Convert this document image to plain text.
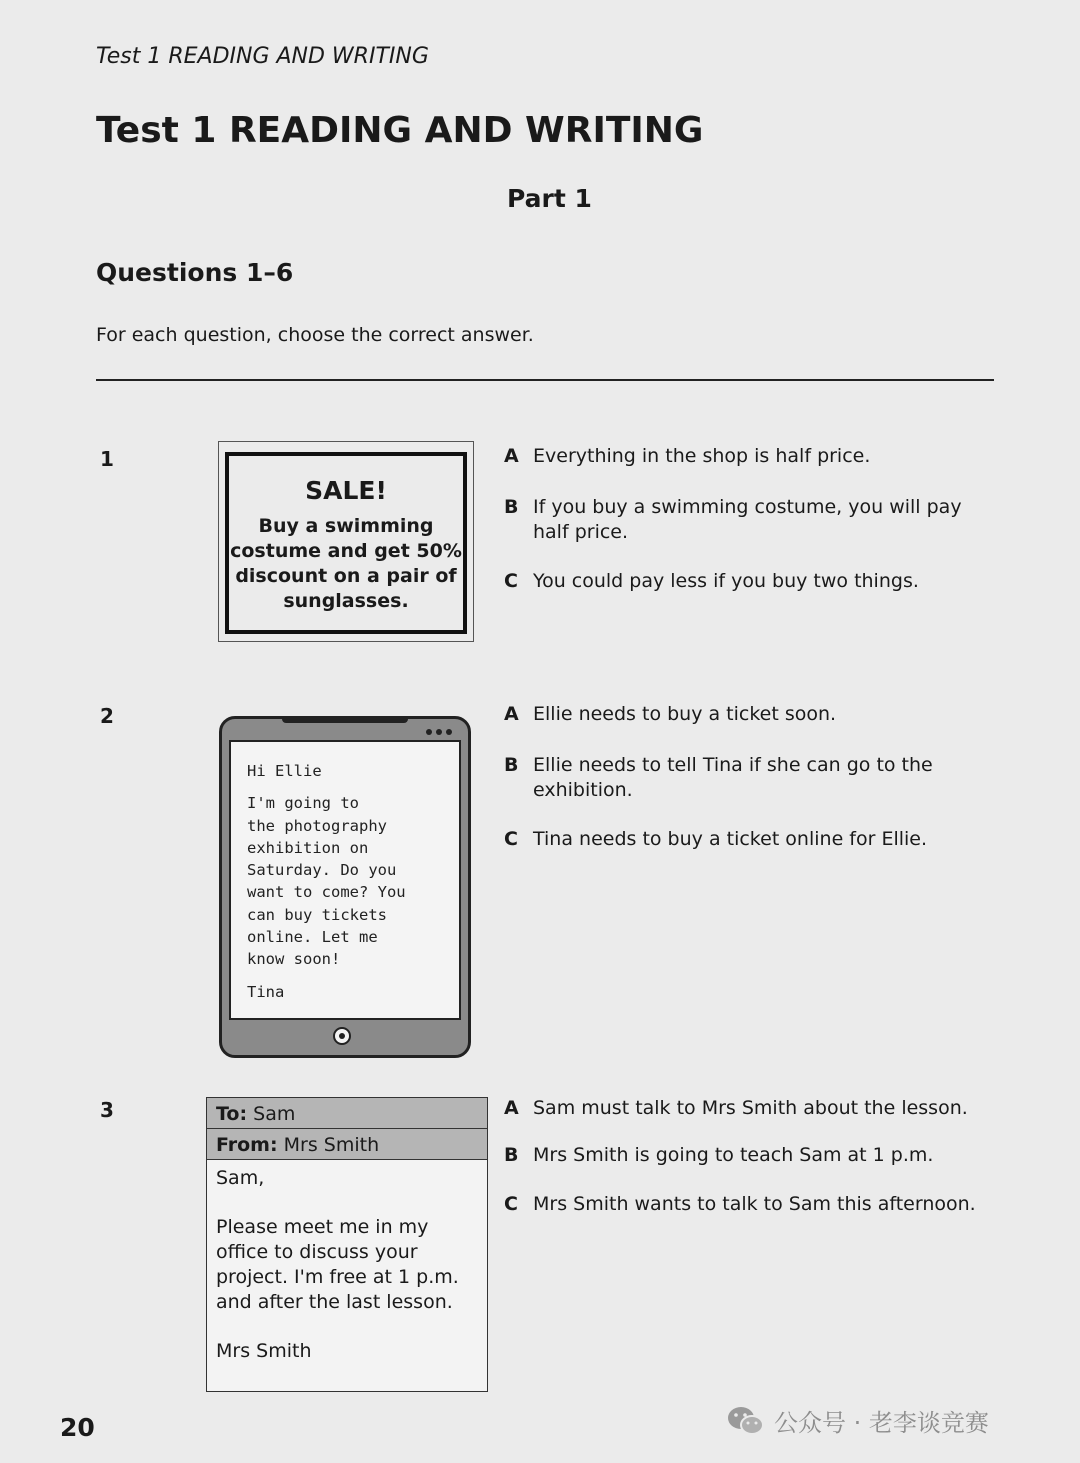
Test 1 READING AND WRITING
Test 1 READING AND WRITING
Part 1
Questions 1–6
For each question, choose the correct answer.
1
SALE!
Buy a swimming costume and get 50% discount on a pair of sunglasses.
A Everything in the shop is half price.
B If you buy a swimming costume, you will pay half price.
C You could pay less if you buy two things.
2

Hi Ellie

I'm going to
the photography
exhibition on
Saturday. Do you
want to come? You
can buy tickets
online. Let me
know soon!

Tina

A Ellie needs to buy a ticket soon.
B Ellie needs to tell Tina if she can go to the exhibition.
C Tina needs to buy a ticket online for Ellie.
3	To: Sam
From: Mrs Smith

Sam,

Please meet me in my office to discuss your project. I'm free at 1 p.m. and after the last lesson.

Mrs Smith

A Sam must talk to Mrs Smith about the lesson.
B Mrs Smith is going to teach Sam at 1 p.m.
C Mrs Smith wants to talk to Sam this afternoon.
20	公众号 · 老李谈竞赛
